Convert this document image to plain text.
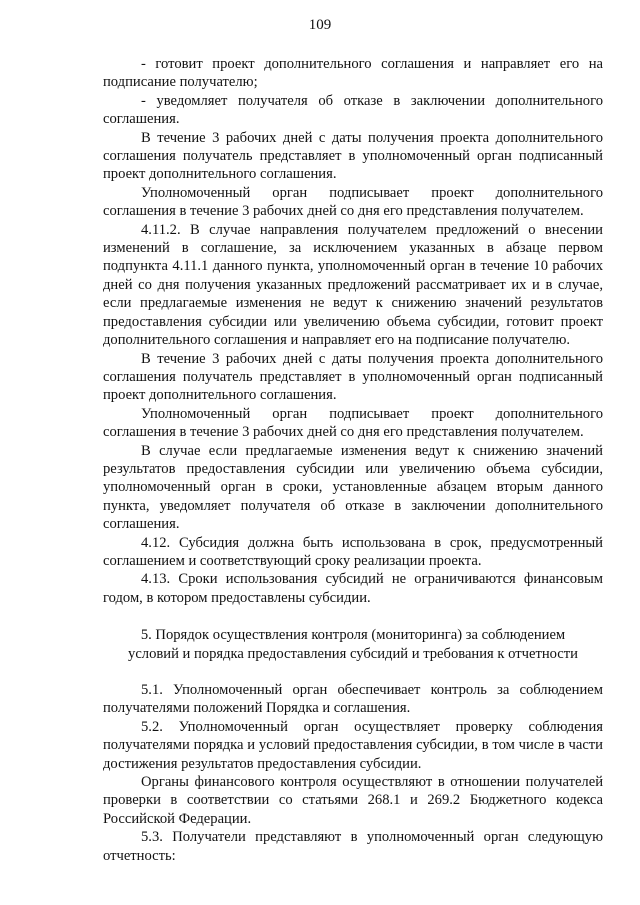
109

- готовит проект дополнительного соглашения и направляет его на подписание получателю;

- уведомляет получателя об отказе в заключении дополнительного соглашения.

В течение 3 рабочих дней с даты получения проекта дополнительного соглашения получатель представляет в уполномоченный орган подписанный проект дополнительного соглашения.

Уполномоченный орган подписывает проект дополнительного соглашения в течение 3 рабочих дней со дня его представления получателем.

4.11.2. В случае направления получателем предложений о внесении изменений в соглашение, за исключением указанных в абзаце первом подпункта 4.11.1 данного пункта, уполномоченный орган в течение 10 рабочих дней со дня получения указанных предложений рассматривает их и в случае, если предлагаемые изменения не ведут к снижению значений результатов предоставления субсидии или увеличению объема субсидии, готовит проект дополнительного соглашения и направляет его на подписание получателю.

В течение 3 рабочих дней с даты получения проекта дополнительного соглашения получатель представляет в уполномоченный орган подписанный проект дополнительного соглашения.

Уполномоченный орган подписывает проект дополнительного соглашения в течение 3 рабочих дней со дня его представления получателем.

В случае если предлагаемые изменения ведут к снижению значений результатов предоставления субсидии или увеличению объема субсидии, уполномоченный орган в сроки, установленные абзацем вторым данного пункта, уведомляет получателя об отказе в заключении дополнительного соглашения.

4.12. Субсидия должна быть использована в срок, предусмотренный соглашением и соответствующий сроку реализации проекта.

4.13. Сроки использования субсидий не ограничиваются финансовым годом, в котором предоставлены субсидии.

5. Порядок осуществления контроля (мониторинга) за соблюдением
условий и порядка предоставления субсидий и требования к отчетности

5.1. Уполномоченный орган обеспечивает контроль за соблюдением получателями положений Порядка и соглашения.

5.2. Уполномоченный орган осуществляет проверку соблюдения получателями порядка и условий предоставления субсидии, в том числе в части достижения результатов предоставления субсидии.

Органы финансового контроля осуществляют в отношении получателей проверки в соответствии со статьями 268.1 и 269.2 Бюджетного кодекса Российской Федерации.

5.3. Получатели представляют в уполномоченный орган следующую отчетность:
